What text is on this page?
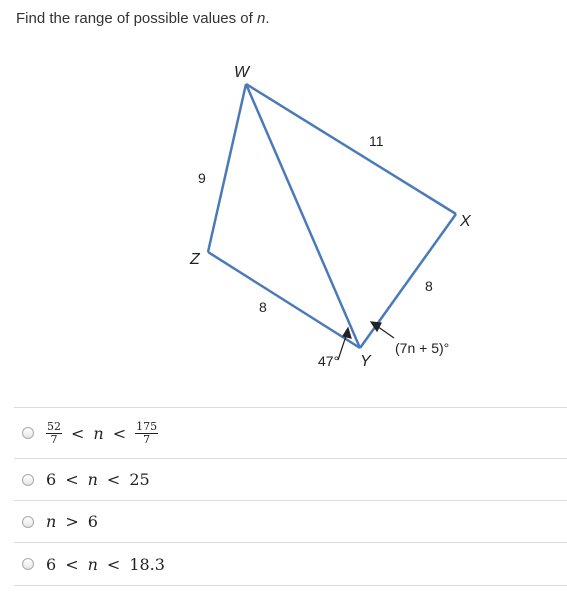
Find the range of possible values of n.
W
X
Y
Z
11
9
8
8
47°
(7n + 5)°
$\frac{52}{7} < n < \frac{175}{7}$
6 < n < 25
n > 6
6 < n < 18.3
